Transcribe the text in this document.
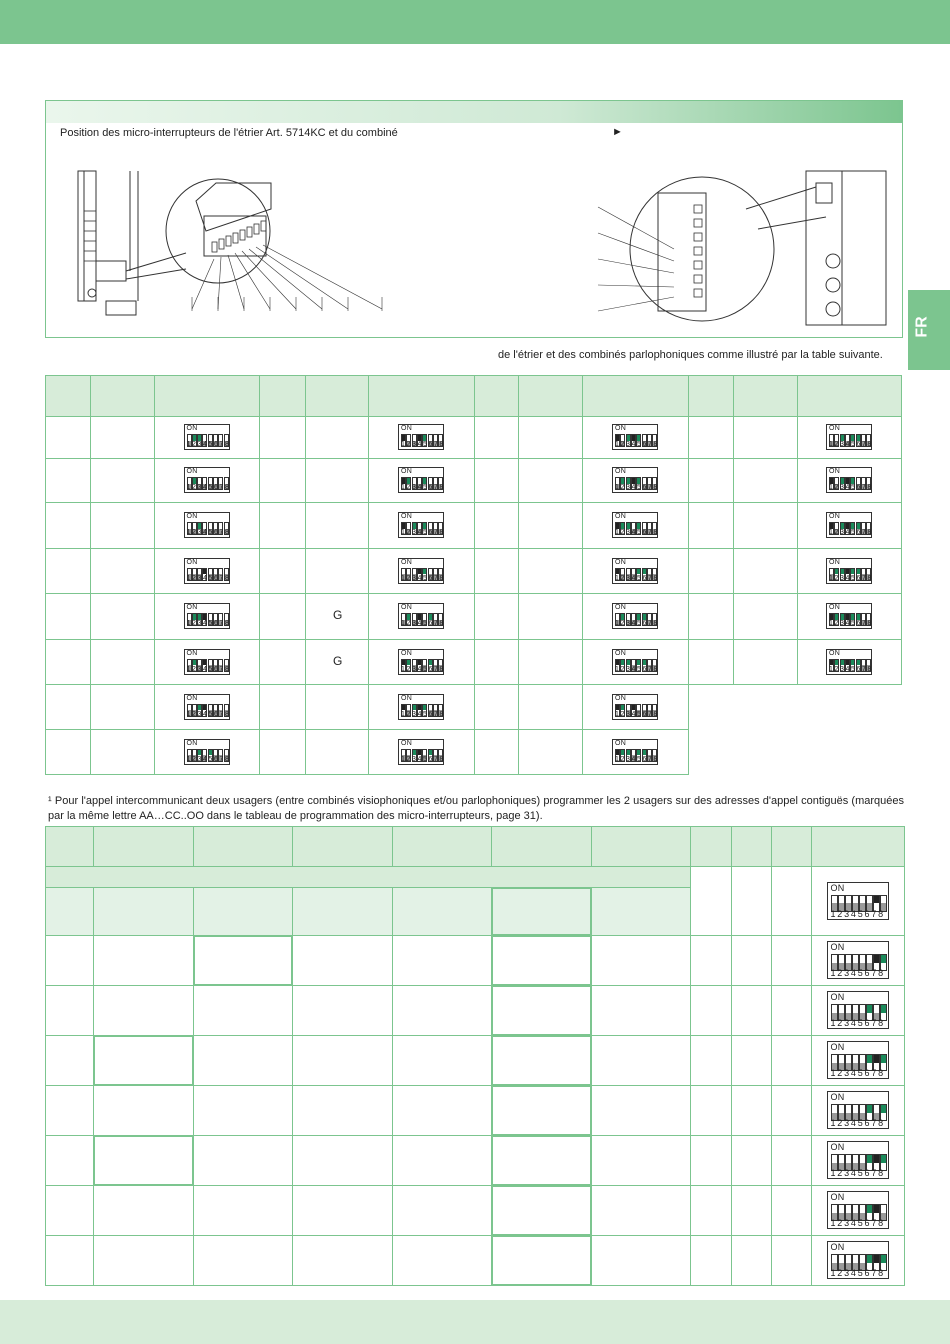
FR
Position des micro-interrupteurs de l'étrier Art. 5714KC et du combiné	►
de l'étrier et des combinés parlophoniques comme illustré par la table suivante.
ON
12345678
ON
12345678
ON
12345678
ON
12345678
ON
12345678
ON
12345678
ON
12345678
ON
12345678
ON
12345678
ON
12345678
ON
12345678
ON
12345678
ON
12345678
ON
12345678
ON
12345678
ON
12345678
ON
12345678
ON
12345678
ON
12345678
ON
12345678
ON
12345678
ON
12345678
ON
12345678
ON
12345678
ON
12345678
ON
12345678
ON
12345678
ON
12345678
ON
12345678
ON
12345678
G
G
¹ Pour l'appel intercommunicant deux usagers (entre combinés visiophoniques et/ou parlophoniques) programmer les 2 usagers sur des adresses d'appel contiguës (marquées par la même lettre AA…CC..OO dans le tableau de programmation des micro-interrupteurs, page 31).
ON
12345678
ON
12345678
ON
12345678
ON
12345678
ON
12345678
ON
12345678
ON
12345678
ON
12345678
